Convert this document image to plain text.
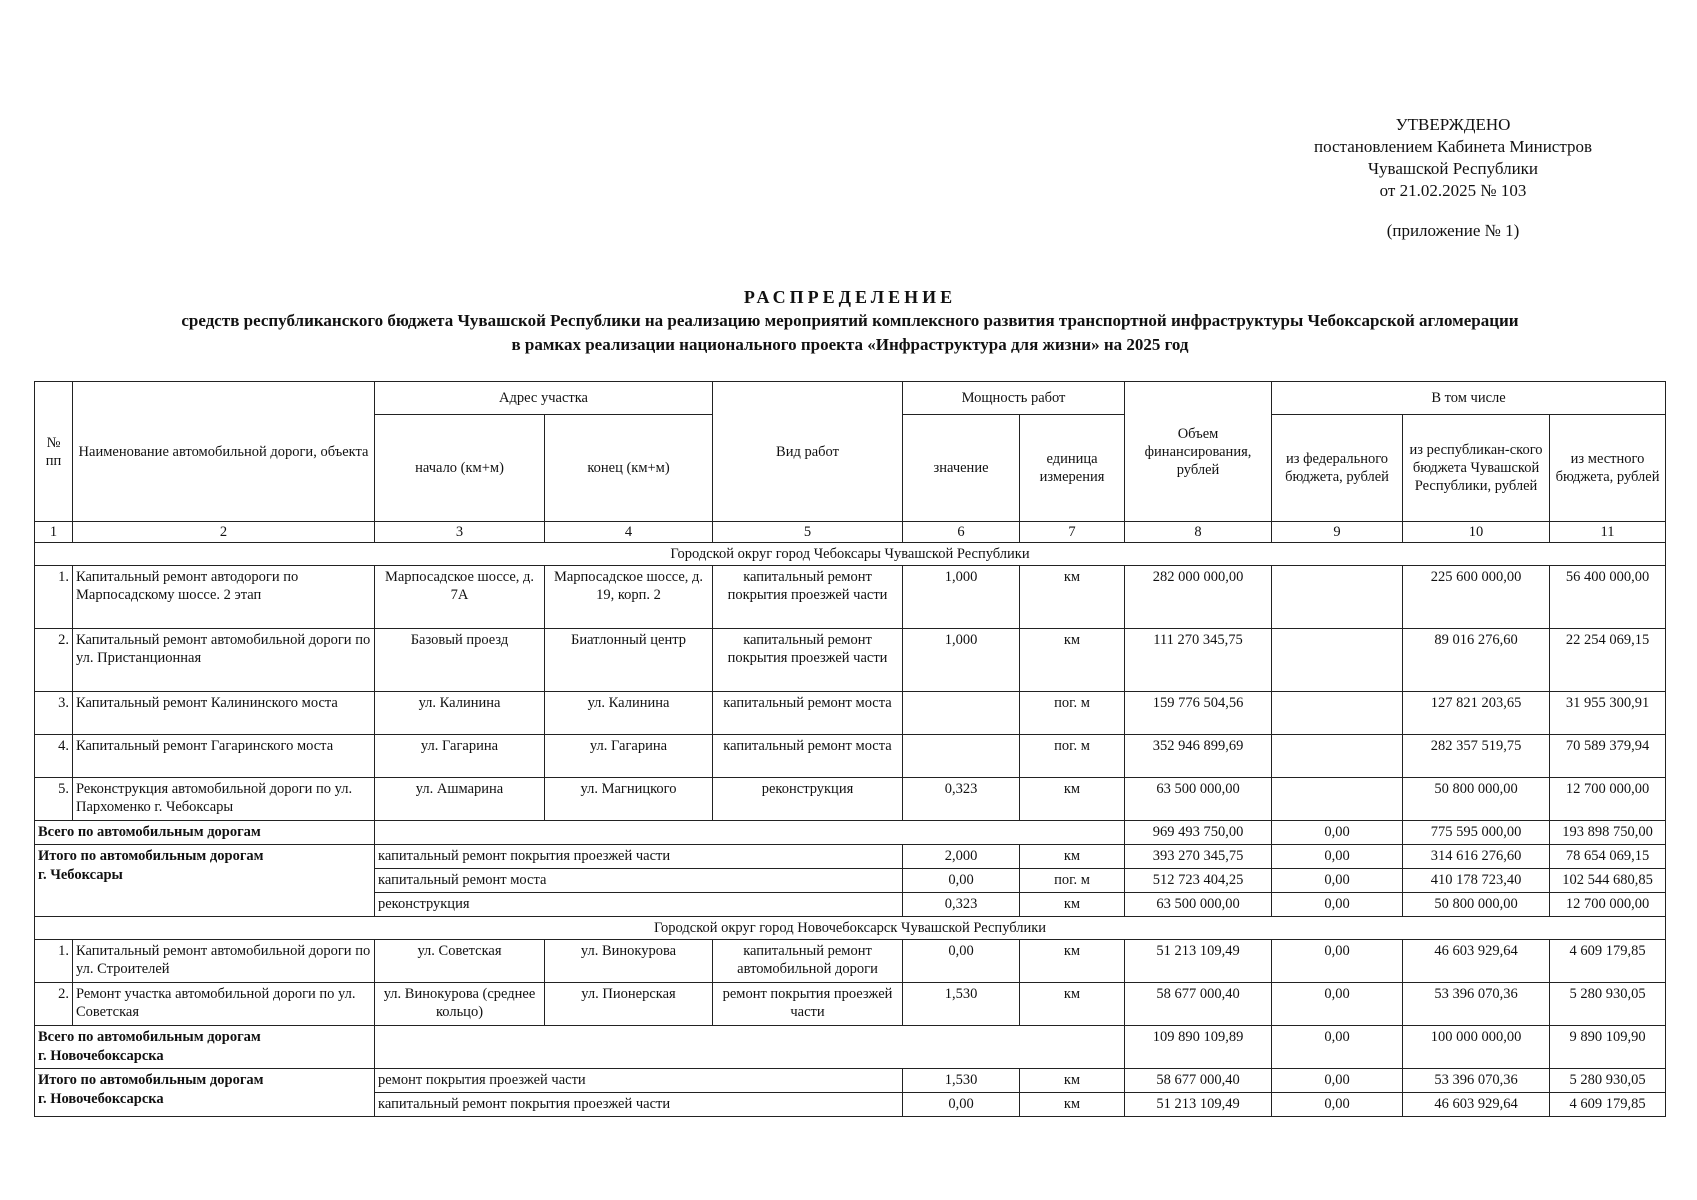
УТВЕРЖДЕНО
постановлением Кабинета Министров
Чувашской Республики
от 21.02.2025 № 103
(приложение № 1)
РАСПРЕДЕЛЕНИЕ
средств республиканского бюджета Чувашской Республики на реализацию мероприятий комплексного развития транспортной инфраструктуры Чебоксарской агломерации
в рамках реализации национального проекта «Инфраструктура для жизни» на 2025 год
№ пп	Наименование автомобильной дороги, объекта	Адрес участка		Вид работ	Мощность работ		Объем финансирования, рублей	В том числе		
		начало (км+м)	конец (км+м)		значение	единица измерения		из федерального бюджета, рублей	из республикан-ского бюджета Чувашской Республики, рублей	из местного бюджета, рублей
1	2	3	4	5	6	7	8	9	10	11
Городской округ город Чебоксары Чувашской Республики										
1.	Капитальный ремонт автодороги по Марпосадскому шоссе. 2 этап	Марпосадское шоссе, д. 7А	Марпосадское шоссе, д. 19, корп. 2	капитальный ремонт покрытия проезжей части	1,000	км	282 000 000,00		225 600 000,00	56 400 000,00
2.	Капитальный ремонт автомобильной дороги по ул. Пристанционная	Базовый проезд	Биатлонный центр	капитальный ремонт покрытия проезжей части	1,000	км	111 270 345,75		89 016 276,60	22 254 069,15
3.	Капитальный ремонт Калининского моста	ул. Калинина	ул. Калинина	капитальный ремонт моста		пог. м	159 776 504,56		127 821 203,65	31 955 300,91
4.	Капитальный ремонт Гагаринского моста	ул. Гагарина	ул. Гагарина	капитальный ремонт моста		пог. м	352 946 899,69		282 357 519,75	70 589 379,94
5.	Реконструкция автомобильной дороги по ул. Пархоменко г. Чебоксары	ул. Ашмарина	ул. Магницкого	реконструкция	0,323	км	63 500 000,00		50 800 000,00	12 700 000,00
Всего по автомобильным дорогам							969 493 750,00	0,00	775 595 000,00	193 898 750,00

Итого по автомобильным дорогам
г. Чебоксары		капитальный ремонт покрытия проезжей части			2,000	км	393 270 345,75	0,00	314 616 276,60	78 654 069,15
		капитальный ремонт моста			0,00	пог. м	512 723 404,25	0,00	410 178 723,40	102 544 680,85
		реконструкция			0,323	км	63 500 000,00	0,00	50 800 000,00	12 700 000,00
Городской округ город Новочебоксарск Чувашской Республики										
1.	Капитальный ремонт автомобильной дороги по ул. Строителей	ул. Советская	ул. Винокурова	капитальный ремонт автомобильной дороги	0,00	км	51 213 109,49	0,00	46 603 929,64	4 609 179,85
2.	Ремонт участка автомобильной дороги по ул. Советская	ул. Винокурова (среднее кольцо)	ул. Пионерская	ремонт покрытия проезжей части	1,530	км	58 677 000,40	0,00	53 396 070,36	5 280 930,05

Всего по автомобильным дорогам
г. Новочебоксарска							109 890 109,89	0,00	100 000 000,00	9 890 109,90

Итого по автомобильным дорогам
г. Новочебоксарска		ремонт покрытия проезжей части			1,530	км	58 677 000,40	0,00	53 396 070,36	5 280 930,05
		капитальный ремонт покрытия проезжей части			0,00	км	51 213 109,49	0,00	46 603 929,64	4 609 179,85
